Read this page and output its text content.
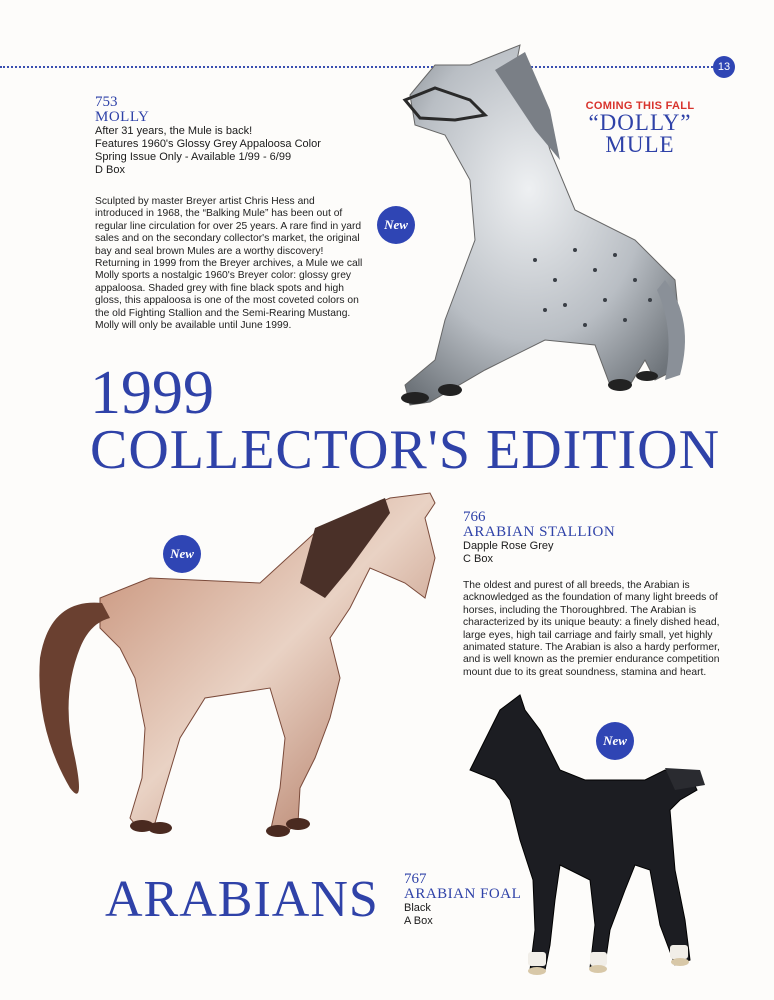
13
New
753
MOLLY
After 31 years, the Mule is back!
Features 1960's Glossy Grey Appaloosa Color
Spring Issue Only - Available 1/99 - 6/99
D Box
Sculpted by master Breyer artist Chris Hess and introduced in 1968, the “Balking Mule” has been out of regular line circulation for over 25 years. A rare find in yard sales and on the secondary collector's market, the original bay and seal brown Mules are a worthy discovery! Returning in 1999 from the Breyer archives, a Mule we call Molly sports a nostalgic 1960's Breyer color: glossy grey appaloosa. Shaded grey with fine black spots and high gloss, this appaloosa is one of the most coveted colors on the old Fighting Stallion and the Semi-Rearing Mustang. Molly will only be available until June 1999.
COMING THIS FALL
“DOLLY”
MULE
1999
COLLECTOR'S EDITION
New
766
ARABIAN STALLION
Dapple Rose Grey
C Box
The oldest and purest of all breeds, the Arabian is acknowledged as the foundation of many light breeds of horses, including the Thoroughbred. The Arabian is characterized by its unique beauty: a finely dished head, large eyes, high tail carriage and fairly small, yet highly animated stature. The Arabian is also a hardy performer, and is well known as the premier endurance competition mount due to its great soundness, stamina and heart.
New
767
ARABIAN FOAL
Black
A Box
ARABIANS
